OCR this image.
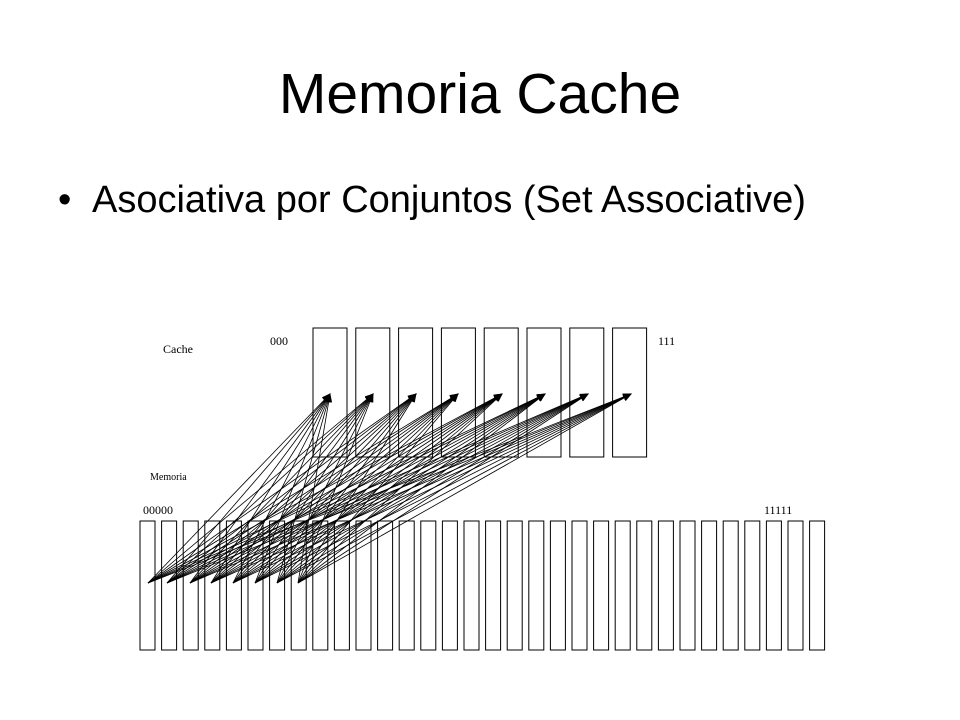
Memoria Cache
• Asociativa por Conjuntos (Set Associative)
Cache
Memoria
000	111
00000	11111
